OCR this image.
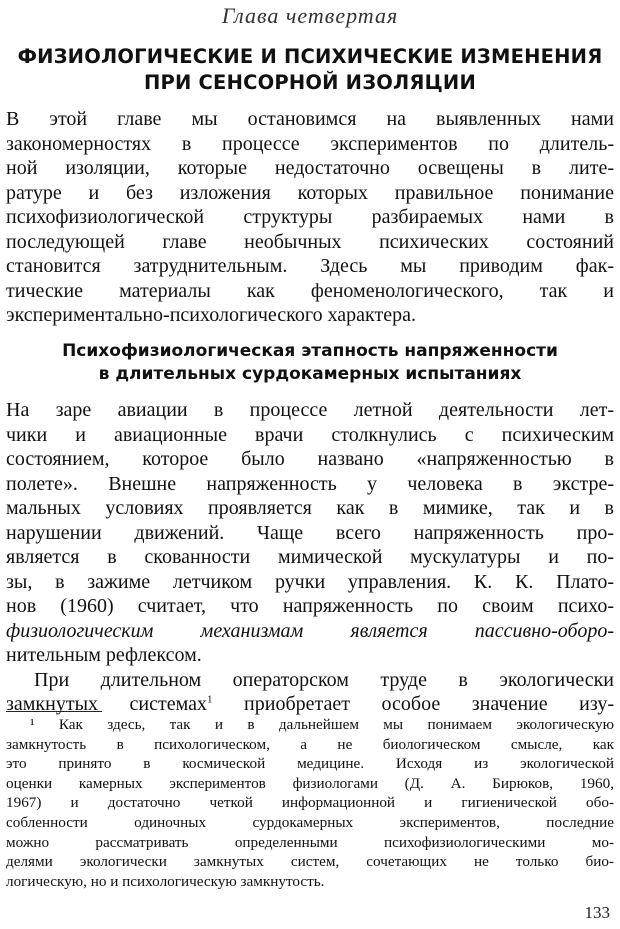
Глава четвертая
ФИЗИОЛОГИЧЕСКИЕ И ПСИХИЧЕСКИЕ ИЗМЕНЕНИЯ
ПРИ СЕНСОРНОЙ ИЗОЛЯЦИИ
В этой главе мы остановимся на выявленных нами
закономерностях в процессе экспериментов по длитель-
ной изоляции, которые недостаточно освещены в лите-
ратуре и без изложения которых правильное понимание
психофизиологической структуры разбираемых нами в
последующей главе необычных психических состояний
становится затруднительным. Здесь мы приводим фак-
тические материалы как феноменологического, так и
экспериментально-психологического характера.
Психофизиологическая этапность напряженности
в длительных сурдокамерных испытаниях
На заре авиации в процессе летной деятельности лет-
чики и авиационные врачи столкнулись с психическим
состоянием, которое было названо «напряженностью в
полете». Внешне напряженность у человека в экстре-
мальных условиях проявляется как в мимике, так и в
нарушении движений. Чаще всего напряженность про-
является в скованности мимической мускулатуры и по-
зы, в зажиме летчиком ручки управления. К. К. Плато-
нов (1960) считает, что напряженность по своим психо-
физиологическим механизмам является пассивно-оборо-
нительным рефлексом.
При длительном операторском труде в экологически
замкнутых системах$^1$ приобретает особое значение изу-
¹ Как здесь, так и в дальнейшем мы понимаем экологическую
замкнутость в психологическом, а не биологическом смысле, как
это принято в космической медицине. Исходя из экологической
оценки камерных экспериментов физиологами (Д. А. Бирюков, 1960,
1967) и достаточно четкой информационной и гигиенической обо-
собленности одиночных сурдокамерных экспериментов, последние
можно рассматривать определенными психофизиологическими мо-
делями экологически замкнутых систем, сочетающих не только био-
логическую, но и психологическую замкнутость.
133
